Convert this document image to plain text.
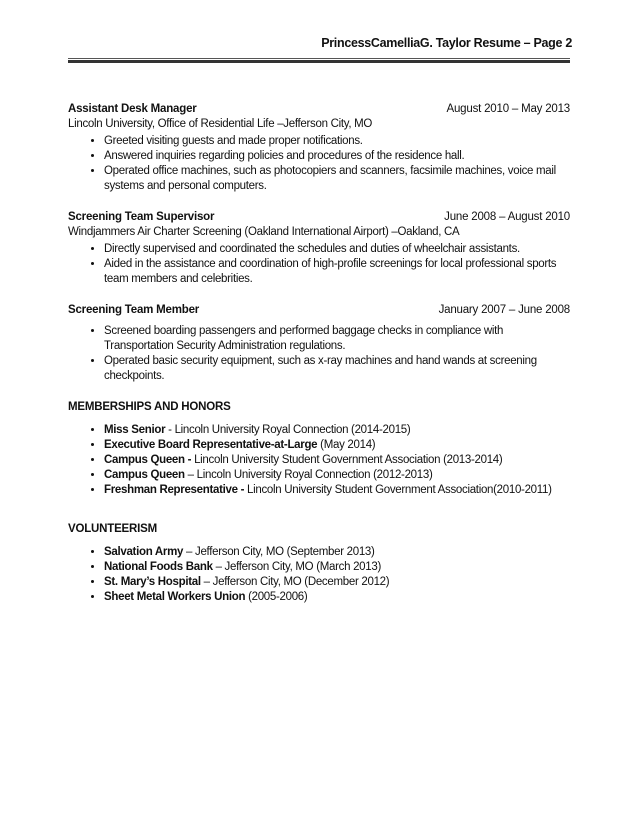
PrincessCamelliaG. Taylor Resume – Page 2
Assistant Desk Manager	August 2010 – May 2013
Lincoln University, Office of Residential Life –Jefferson City, MO
• Greeted visiting guests and made proper notifications.
• Answered inquiries regarding policies and procedures of the residence hall.
• Operated office machines, such as photocopiers and scanners, facsimile machines, voice mail systems and personal computers.
Screening Team Supervisor	June 2008 – August 2010
Windjammers Air Charter Screening (Oakland International Airport) –Oakland, CA
• Directly supervised and coordinated the schedules and duties of wheelchair assistants.
• Aided in the assistance and coordination of high-profile screenings for local professional sports team members and celebrities.
Screening Team Member	January 2007 – June 2008
• Screened boarding passengers and performed baggage checks in compliance with Transportation Security Administration regulations.
• Operated basic security equipment, such as x-ray machines and hand wands at screening checkpoints.
MEMBERSHIPS AND HONORS
• Miss Senior - Lincoln University Royal Connection (2014-2015)
• Executive Board Representative-at-Large (May 2014)
• Campus Queen - Lincoln University Student Government Association (2013-2014)
• Campus Queen – Lincoln University Royal Connection (2012-2013)
• Freshman Representative - Lincoln University Student Government Association(2010-2011)
VOLUNTEERISM
• Salvation Army – Jefferson City, MO (September 2013)
• National Foods Bank – Jefferson City, MO (March 2013)
• St. Mary’s Hospital – Jefferson City, MO (December 2012)
• Sheet Metal Workers Union (2005-2006)
